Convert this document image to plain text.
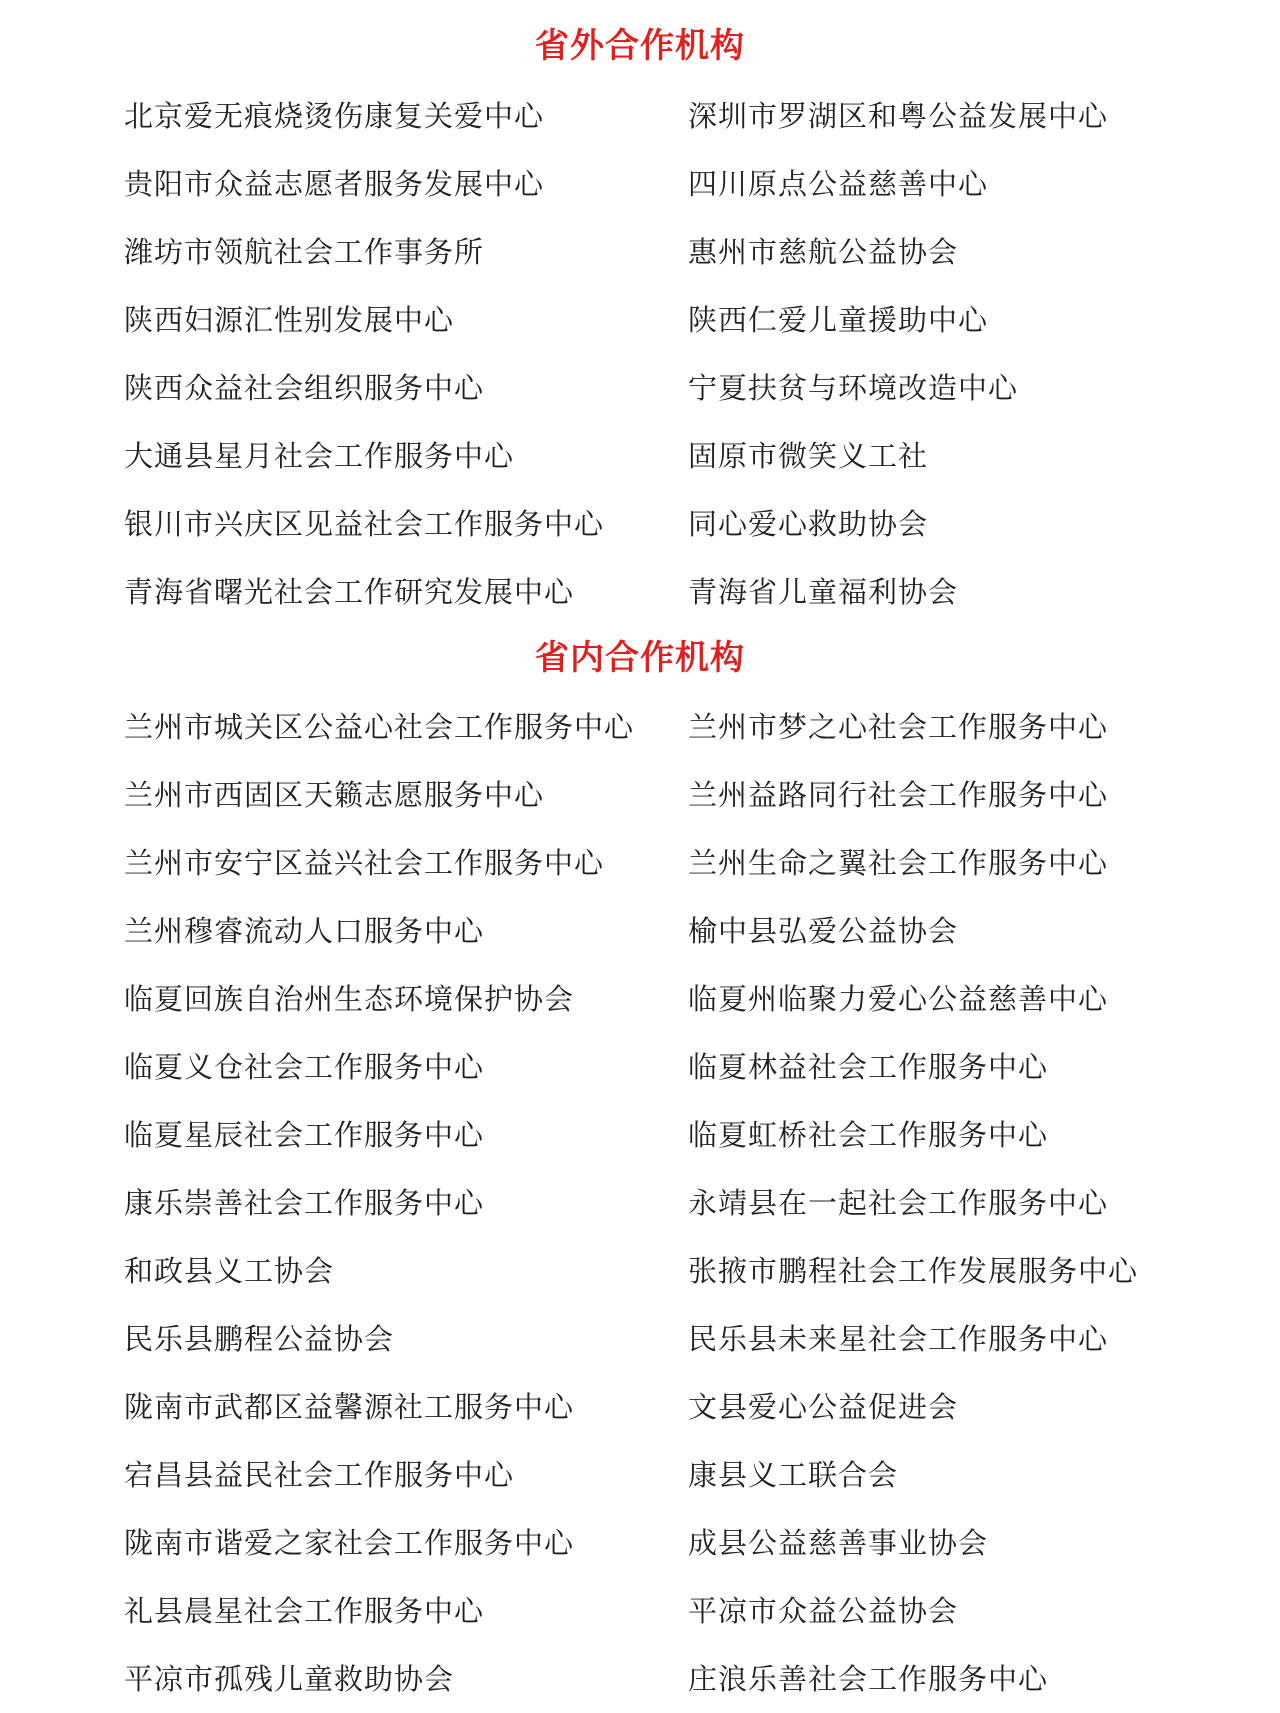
省外合作机构
北京爱无痕烧烫伤康复关爱中心	深圳市罗湖区和粤公益发展中心
贵阳市众益志愿者服务发展中心	四川原点公益慈善中心
潍坊市领航社会工作事务所	惠州市慈航公益协会
陕西妇源汇性别发展中心	陕西仁爱儿童援助中心
陕西众益社会组织服务中心	宁夏扶贫与环境改造中心
大通县星月社会工作服务中心	固原市微笑义工社
银川市兴庆区见益社会工作服务中心	同心爱心救助协会
青海省曙光社会工作研究发展中心	青海省儿童福利协会
省内合作机构
兰州市城关区公益心社会工作服务中心	兰州市梦之心社会工作服务中心
兰州市西固区天籁志愿服务中心	兰州益路同行社会工作服务中心
兰州市安宁区益兴社会工作服务中心	兰州生命之翼社会工作服务中心
兰州穆睿流动人口服务中心	榆中县弘爱公益协会
临夏回族自治州生态环境保护协会	临夏州临聚力爱心公益慈善中心
临夏义仓社会工作服务中心	临夏林益社会工作服务中心
临夏星辰社会工作服务中心	临夏虹桥社会工作服务中心
康乐崇善社会工作服务中心	永靖县在一起社会工作服务中心
和政县义工协会	张掖市鹏程社会工作发展服务中心
民乐县鹏程公益协会	民乐县未来星社会工作服务中心
陇南市武都区益馨源社工服务中心	文县爱心公益促进会
宕昌县益民社会工作服务中心	康县义工联合会
陇南市谐爱之家社会工作服务中心	成县公益慈善事业协会
礼县晨星社会工作服务中心	平凉市众益公益协会
平凉市孤残儿童救助协会	庄浪乐善社会工作服务中心
